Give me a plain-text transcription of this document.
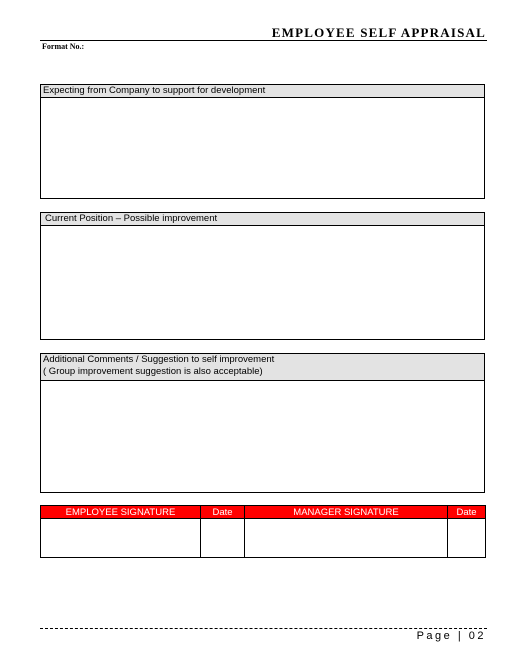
EMPLOYEE SELF APPRAISAL
Format No.:
Expecting from Company to support for development
Current Position – Possible improvement
Additional Comments / Suggestion to self improvement
( Group improvement suggestion is also acceptable)
EMPLOYEE SIGNATURE	Date	MANAGER SIGNATURE	Date

Page | 02
